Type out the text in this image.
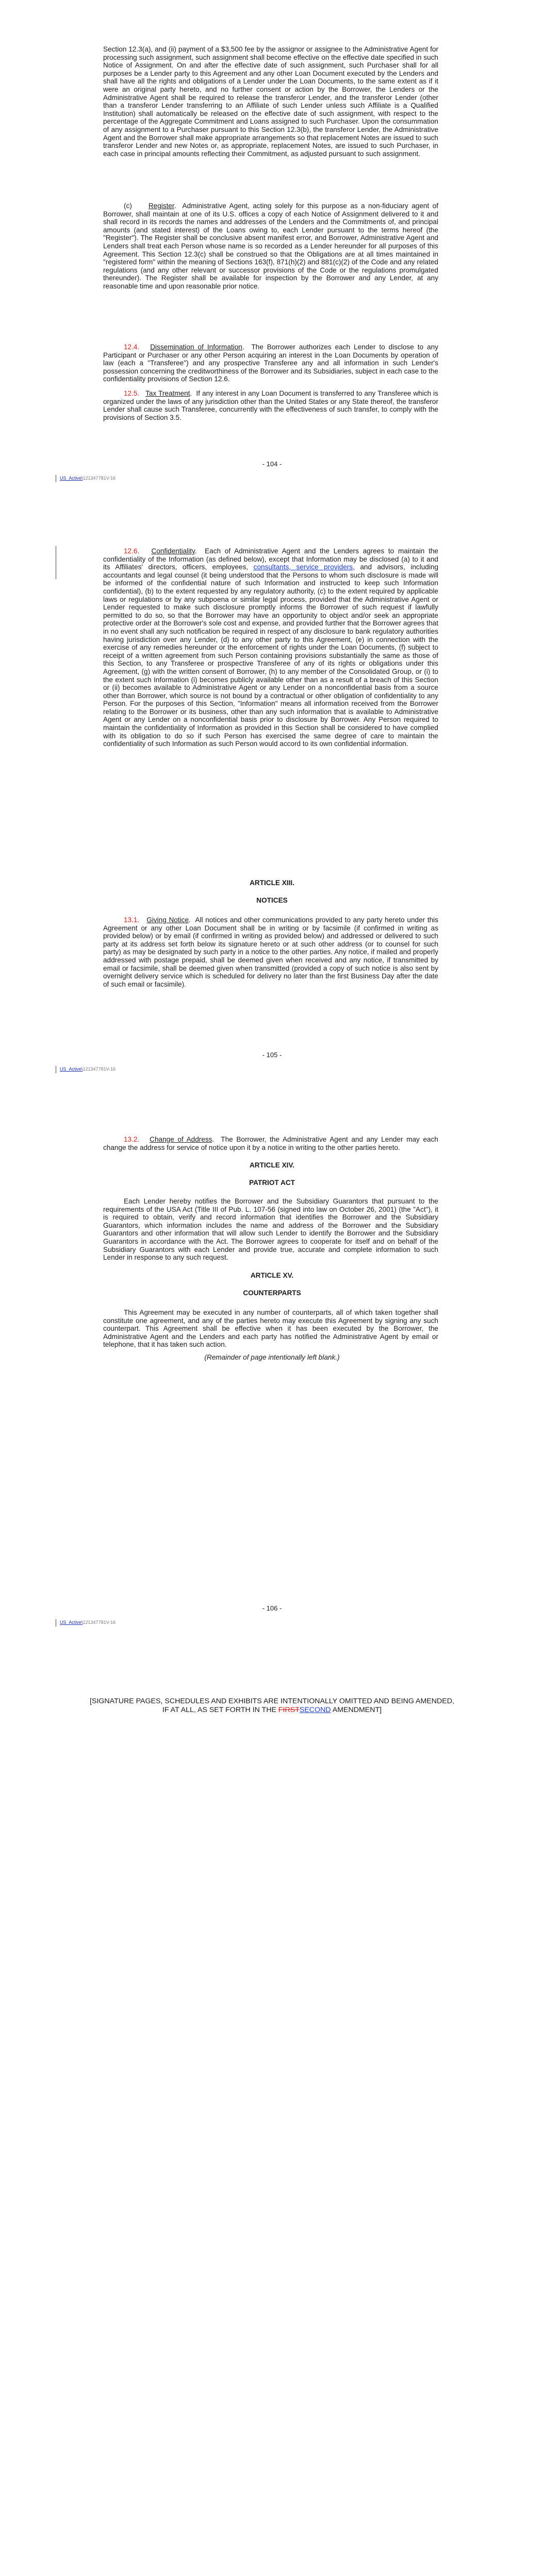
Section 12.3(a), and (ii) payment of a $3,500 fee by the assignor or assignee to the Administrative Agent for processing such assignment, such assignment shall become effective on the effective date specified in such Notice of Assignment. On and after the effective date of such assignment, such Purchaser shall for all purposes be a Lender party to this Agreement and any other Loan Document executed by the Lenders and shall have all the rights and obligations of a Lender under the Loan Documents, to the same extent as if it were an original party hereto, and no further consent or action by the Borrower, the Lenders or the Administrative Agent shall be required to release the transferor Lender, and the transferor Lender (other than a transferor Lender transferring to an Affiliate of such Lender unless such Affiliate is a Qualified Institution) shall automatically be released on the effective date of such assignment, with respect to the percentage of the Aggregate Commitment and Loans assigned to such Purchaser. Upon the consummation of any assignment to a Purchaser pursuant to this Section 12.3(b), the transferor Lender, the Administrative Agent and the Borrower shall make appropriate arrangements so that replacement Notes are issued to such transferor Lender and new Notes or, as appropriate, replacement Notes, are issued to such Purchaser, in each case in principal amounts reflecting their Commitment, as adjusted pursuant to such assignment.

(c) Register.  Administrative Agent, acting solely for this purpose as a non-fiduciary agent of Borrower, shall maintain at one of its U.S. offices a copy of each Notice of Assignment delivered to it and shall record in its records the names and addresses of the Lenders and the Commitments of, and principal amounts (and stated interest) of the Loans owing to, each Lender pursuant to the terms hereof (the "Register"). The Register shall be conclusive absent manifest error, and Borrower, Administrative Agent and Lenders shall treat each Person whose name is so recorded as a Lender hereunder for all purposes of this Agreement. This Section 12.3(c) shall be construed so that the Obligations are at all times maintained in "registered form" within the meaning of Sections 163(f), 871(h)(2) and 881(c)(2) of the Code and any related regulations (and any other relevant or successor provisions of the Code or the regulations promulgated thereunder). The Register shall be available for inspection by the Borrower and any Lender, at any reasonable time and upon reasonable prior notice.

12.4. Dissemination of Information.  The Borrower authorizes each Lender to disclose to any Participant or Purchaser or any other Person acquiring an interest in the Loan Documents by operation of law (each a "Transferee") and any prospective Transferee any and all information in such Lender's possession concerning the creditworthiness of the Borrower and its Subsidiaries, subject in each case to the confidentiality provisions of Section 12.6.

12.5. Tax Treatment.  If any interest in any Loan Document is transferred to any Transferee which is organized under the laws of any jurisdiction other than the United States or any State thereof, the transferor Lender shall cause such Transferee, concurrently with the effectiveness of such transfer, to comply with the provisions of Section 3.5.

- 104 -
US_Active\121347781V-16

12.6. Confidentiality.  Each of Administrative Agent and the Lenders agrees to maintain the confidentiality of the Information (as defined below), except that Information may be disclosed (a) to it and its Affiliates' directors, officers, employees, consultants, service providers, and advisors, including accountants and legal counsel (it being understood that the Persons to whom such disclosure is made will be informed of the confidential nature of such Information and instructed to keep such Information confidential), (b) to the extent requested by any regulatory authority, (c) to the extent required by applicable laws or regulations or by any subpoena or similar legal process, provided that the Administrative Agent or Lender requested to make such disclosure promptly informs the Borrower of such request if lawfully permitted to do so, so that the Borrower may have an opportunity to object and/or seek an appropriate protective order at the Borrower's sole cost and expense, and provided further that the Borrower agrees that in no event shall any such notification be required in respect of any disclosure to bank regulatory authorities having jurisdiction over any Lender, (d) to any other party to this Agreement, (e) in connection with the exercise of any remedies hereunder or the enforcement of rights under the Loan Documents, (f) subject to receipt of a written agreement from such Person containing provisions substantially the same as those of this Section, to any Transferee or prospective Transferee of any of its rights or obligations under this Agreement, (g) with the written consent of Borrower, (h) to any member of the Consolidated Group, or (i) to the extent such Information (i) becomes publicly available other than as a result of a breach of this Section or (ii) becomes available to Administrative Agent or any Lender on a nonconfidential basis from a source other than Borrower, which source is not bound by a contractual or other obligation of confidentiality to any Person. For the purposes of this Section, "Information" means all information received from the Borrower relating to the Borrower or its business, other than any such information that is available to Administrative Agent or any Lender on a nonconfidential basis prior to disclosure by Borrower. Any Person required to maintain the confidentiality of Information as provided in this Section shall be considered to have complied with its obligation to do so if such Person has exercised the same degree of care to maintain the confidentiality of such Information as such Person would accord to its own confidential information.

ARTICLE XIII.
NOTICES

13.1. Giving Notice.  All notices and other communications provided to any party hereto under this Agreement or any other Loan Document shall be in writing or by facsimile (if confirmed in writing as provided below) or by email (if confirmed in writing as provided below) and addressed or delivered to such party at its address set forth below its signature hereto or at such other address (or to counsel for such party) as may be designated by such party in a notice to the other parties. Any notice, if mailed and properly addressed with postage prepaid, shall be deemed given when received and any notice, if transmitted by email or facsimile, shall be deemed given when transmitted (provided a copy of such notice is also sent by overnight delivery service which is scheduled for delivery no later than the first Business Day after the date of such email or facsimile).

- 105 -
US_Active\121347781V-16

13.2. Change of Address.  The Borrower, the Administrative Agent and any Lender may each change the address for service of notice upon it by a notice in writing to the other parties hereto.

ARTICLE XIV.
PATRIOT ACT

Each Lender hereby notifies the Borrower and the Subsidiary Guarantors that pursuant to the requirements of the USA Act (Title III of Pub. L. 107-56 (signed into law on October 26, 2001) (the "Act"), it is required to obtain, verify and record information that identifies the Borrower and the Subsidiary Guarantors, which information includes the name and address of the Borrower and the Subsidiary Guarantors and other information that will allow such Lender to identify the Borrower and the Subsidiary Guarantors in accordance with the Act. The Borrower agrees to cooperate for itself and on behalf of the Subsidiary Guarantors with each Lender and provide true, accurate and complete information to such Lender in response to any such request.

ARTICLE XV.
COUNTERPARTS

This Agreement may be executed in any number of counterparts, all of which taken together shall constitute one agreement, and any of the parties hereto may execute this Agreement by signing any such counterpart. This Agreement shall be effective when it has been executed by the Borrower, the Administrative Agent and the Lenders and each party has notified the Administrative Agent by email or telephone, that it has taken such action.

(Remainder of page intentionally left blank.)
- 106 -
US_Active\121347781V-16
[SIGNATURE PAGES, SCHEDULES AND EXHIBITS ARE INTENTIONALLY OMITTED AND BEING AMENDED, IF AT ALL, AS SET FORTH IN THE FIRSTSECOND AMENDMENT]
